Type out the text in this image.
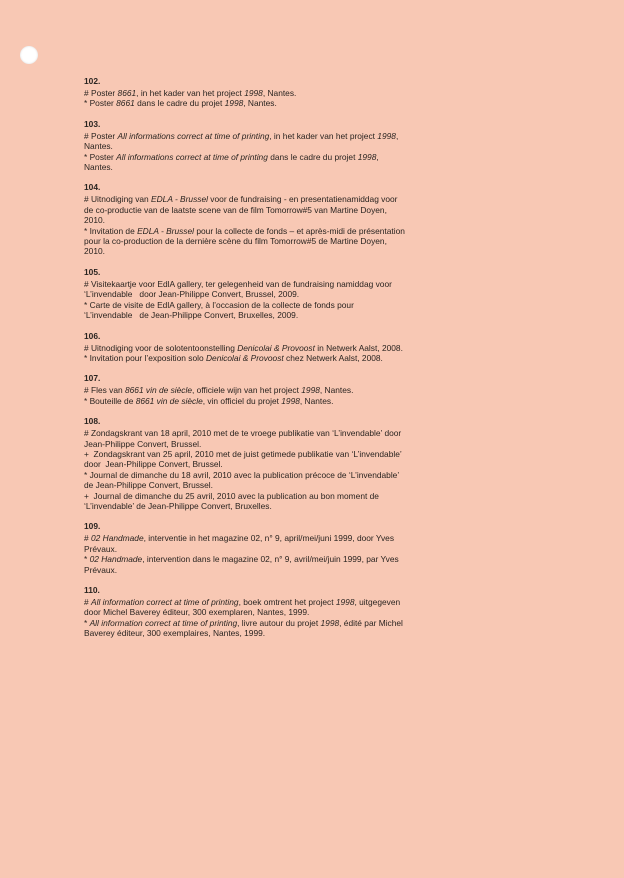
102.
# Poster 8661, in het kader van het project 1998, Nantes.
* Poster 8661 dans le cadre du projet 1998, Nantes.
103.
# Poster All informations correct at time of printing, in het kader van het project 1998,
Nantes.
* Poster All informations correct at time of printing dans le cadre du projet 1998,
Nantes.
104.
# Uitnodiging van EDLA - Brussel voor de fundraising - en presentatienamiddag voor
de co-productie van de laatste scene van de film Tomorrow#5 van Martine Doyen,
2010.
* Invitation de EDLA - Brussel pour la collecte de fonds – et après-midi de présentation
pour la co-production de la dernière scène du film Tomorrow#5 de Martine Doyen,
2010.
105.
# Visitekaartje voor EdlA gallery, ter gelegenheid van de fundraising namiddag voor
‘L’invendable   door Jean-Philippe Convert, Brussel, 2009.
* Carte de visite de EdlA gallery, à l’occasion de la collecte de fonds pour
‘L’invendable   de Jean-Philippe Convert, Bruxelles, 2009.
106.
# Uitnodiging voor de solotentoonstelling Denicolai & Provoost in Netwerk Aalst, 2008.
* Invitation pour l’exposition solo Denicolai & Provoost chez Netwerk Aalst, 2008.
107.
# Fles van 8661 vin de siècle, officiele wijn van het project 1998, Nantes.
* Bouteille de 8661 vin de siècle, vin officiel du projet 1998, Nantes.
108.
# Zondagskrant van 18 april, 2010 met de te vroege publikatie van ‘L’invendable’ door
Jean-Philippe Convert, Brussel.
+  Zondagskrant van 25 april, 2010 met de juist getimede publikatie van ‘L’invendable’
door  Jean-Philippe Convert, Brussel.
* Journal de dimanche du 18 avril, 2010 avec la publication précoce de ‘L’invendable’
de Jean-Philippe Convert, Brussel.
+  Journal de dimanche du 25 avril, 2010 avec la publication au bon moment de
‘L’invendable’ de Jean-Philippe Convert, Bruxelles.
109.
# 02 Handmade, interventie in het magazine 02, n° 9, april/mei/juni 1999, door Yves
Prévaux.
* 02 Handmade, intervention dans le magazine 02, n° 9, avril/mei/juin 1999, par Yves
Prévaux.
110.
# All information correct at time of printing, boek omtrent het project 1998, uitgegeven
door Michel Baverey éditeur, 300 exemplaren, Nantes, 1999.
* All information correct at time of printing, livre autour du projet 1998, édité par Michel
Baverey éditeur, 300 exemplaires, Nantes, 1999.
